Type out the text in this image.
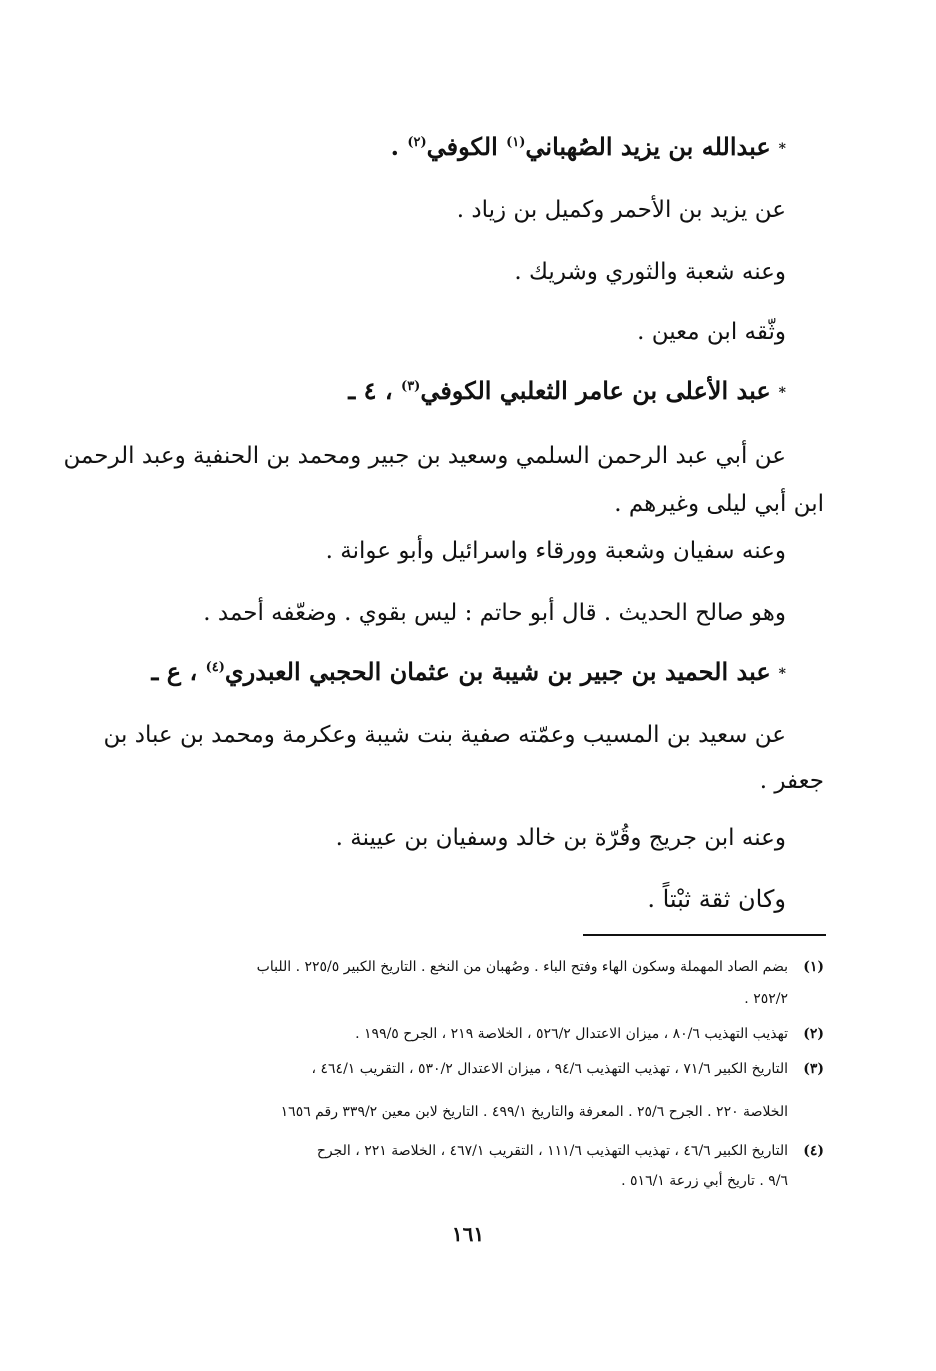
*عبدالله بن يزيد الصُهباني$^{(١)}$ الكوفي$^{(٢)}$ .
عن يزيد بن الأحمر وكميل بن زياد .
وعنه شعبة والثوري وشريك .
وثّقه ابن معين .
*عبد الأعلى بن عامر الثعلبي الكوفي$^{(٣)}$ ، ٤ ـ
عن أبي عبد الرحمن السلمي وسعيد بن جبير ومحمد بن الحنفية وعبد الرحمن
ابن أبي ليلى وغيرهم .
وعنه سفيان وشعبة وورقاء واسرائيل وأبو عوانة .
وهو صالح الحديث . قال أبو حاتم : ليس بقوي . وضعّفه أحمد .
*عبد الحميد بن جبير بن شيبة بن عثمان الحجبي العبدري$^{(٤)}$ ، ع ـ
عن سعيد بن المسيب وعمّته صفية بنت شيبة وعكرمة ومحمد بن عباد بن
جعفر .
وعنه ابن جريج وقُرّة بن خالد وسفيان بن عيينة .
وكان ثقة ثبْتاً .
(١)بضم الصاد المهملة وسكون الهاء وفتح الباء . وصُهبان من النخع . التاريخ الكبير ٢٢٥/٥ . اللباب
٢٥٢/٢ .
(٢)تهذيب التهذيب ٨٠/٦ ، ميزان الاعتدال ٥٢٦/٢ ، الخلاصة ٢١٩ ، الجرح ١٩٩/٥ .
(٣)التاريخ الكبير ٧١/٦ ، تهذيب التهذيب ٩٤/٦ ، ميزان الاعتدال ٥٣٠/٢ ، التقريب ٤٦٤/١ ،
الخلاصة ٢٢٠ . الجرح ٢٥/٦ . المعرفة والتاريخ ٤٩٩/١ . التاريخ لابن معين ٣٣٩/٢ رقم ١٦٥٦
(٤)التاريخ الكبير ٤٦/٦ ، تهذيب التهذيب ١١١/٦ ، التقريب ٤٦٧/١ ، الخلاصة ٢٢١ ، الجرح
٩/٦ . تاريخ أبي زرعة ٥١٦/١ .
١٦١
